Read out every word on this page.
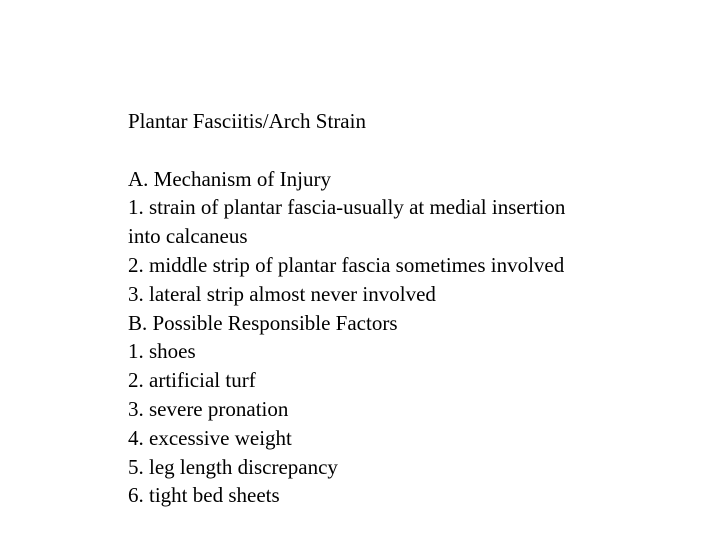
Plantar Fasciitis/Arch Strain
A. Mechanism of Injury
1. strain of plantar fascia-usually at medial insertion
into calcaneus
2. middle strip of plantar fascia sometimes involved
3. lateral strip almost never involved
B. Possible Responsible Factors
1. shoes
2. artificial turf
3. severe pronation
4. excessive weight
5. leg length discrepancy
6. tight bed sheets
